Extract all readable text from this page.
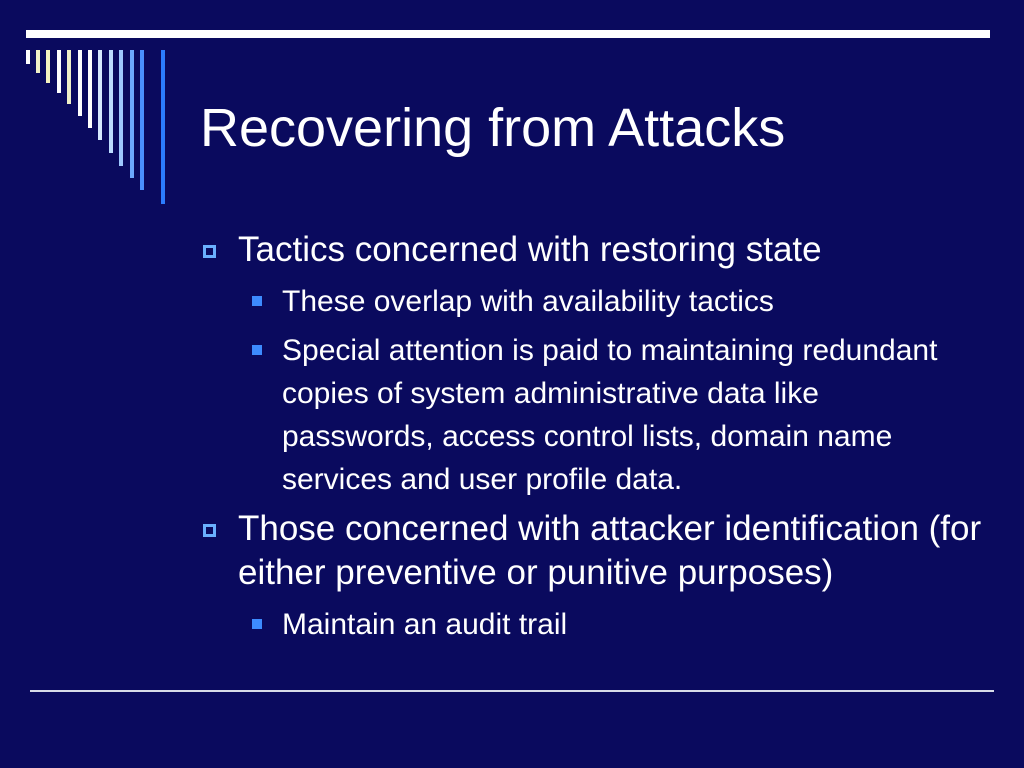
Recovering from Attacks
Tactics concerned with restoring state
These overlap with availability tactics
Special attention is paid to maintaining redundant copies of system administrative data like passwords, access control lists, domain name services and user profile data.
Those concerned with attacker identification (for either preventive or punitive purposes)
Maintain an audit trail
